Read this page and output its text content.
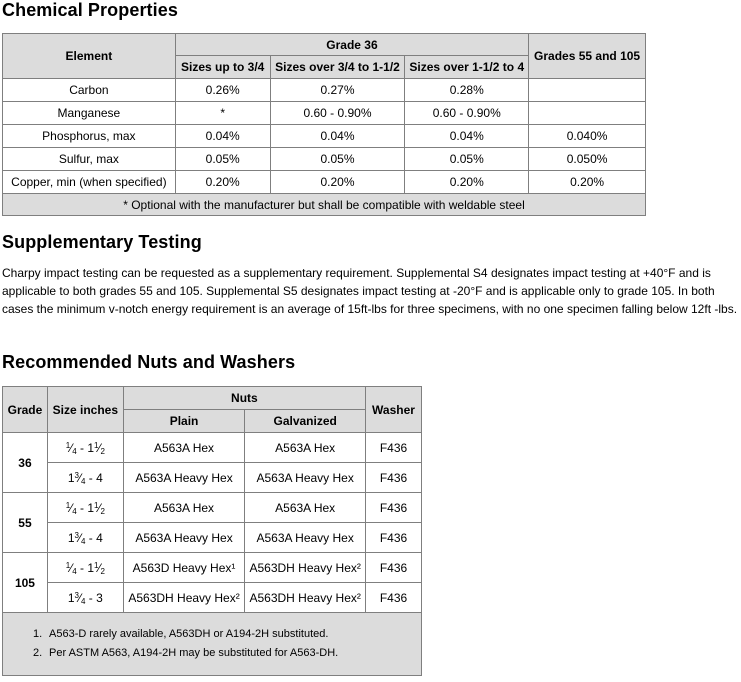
Chemical Properties
Element	Grade 36			Grades 55 and 105
	Sizes up to 3/4	Sizes over 3/4 to 1-1/2	Sizes over 1-1/2 to 4	
Carbon	0.26%	0.27%	0.28%	
Manganese	*	0.60 - 0.90%	0.60 - 0.90%	
Phosphorus, max	0.04%	0.04%	0.04%	0.040%
Sulfur, max	0.05%	0.05%	0.05%	0.050%
Copper, min (when specified)	0.20%	0.20%	0.20%	0.20%
* Optional with the manufacturer but shall be compatible with weldable steel				
Supplementary Testing

Charpy impact testing can be requested as a supplementary requirement. Supplemental S4 designates impact testing at +40°F and is applicable to both grades 55 and 105. Supplemental S5 designates impact testing at -20°F and is applicable only to grade 105. In both cases the minimum v-notch energy requirement is an average of 15ft-lbs for three specimens, with no one specimen falling below 12ft -lbs.

Recommended Nuts and Washers
Grade	Size inches	Nuts		Washer
		Plain	Galvanized	
36	$^1⁄_4$ - $1^1⁄_2$	A563A Hex	A563A Hex	F436
	$1^3⁄_4 - 4$	A563A Heavy Hex	A563A Heavy Hex	F436
55	$^1⁄_4$ - $1^1⁄_2$	A563A Hex	A563A Hex	F436
	$1^3⁄_4 - 4$	A563A Heavy Hex	A563A Heavy Hex	F436
105	$^1⁄_4$ - $1^1⁄_2$	A563D Heavy Hex¹	A563DH Heavy Hex²	F436
	$1^3⁄_4 - 3$	A563DH Heavy Hex²	A563DH Heavy Hex²	F436

1. A563-D rarely available, A563DH or A194-2H substituted.
2. Per ASTM A563, A194-2H may be substituted for A563-DH.				
